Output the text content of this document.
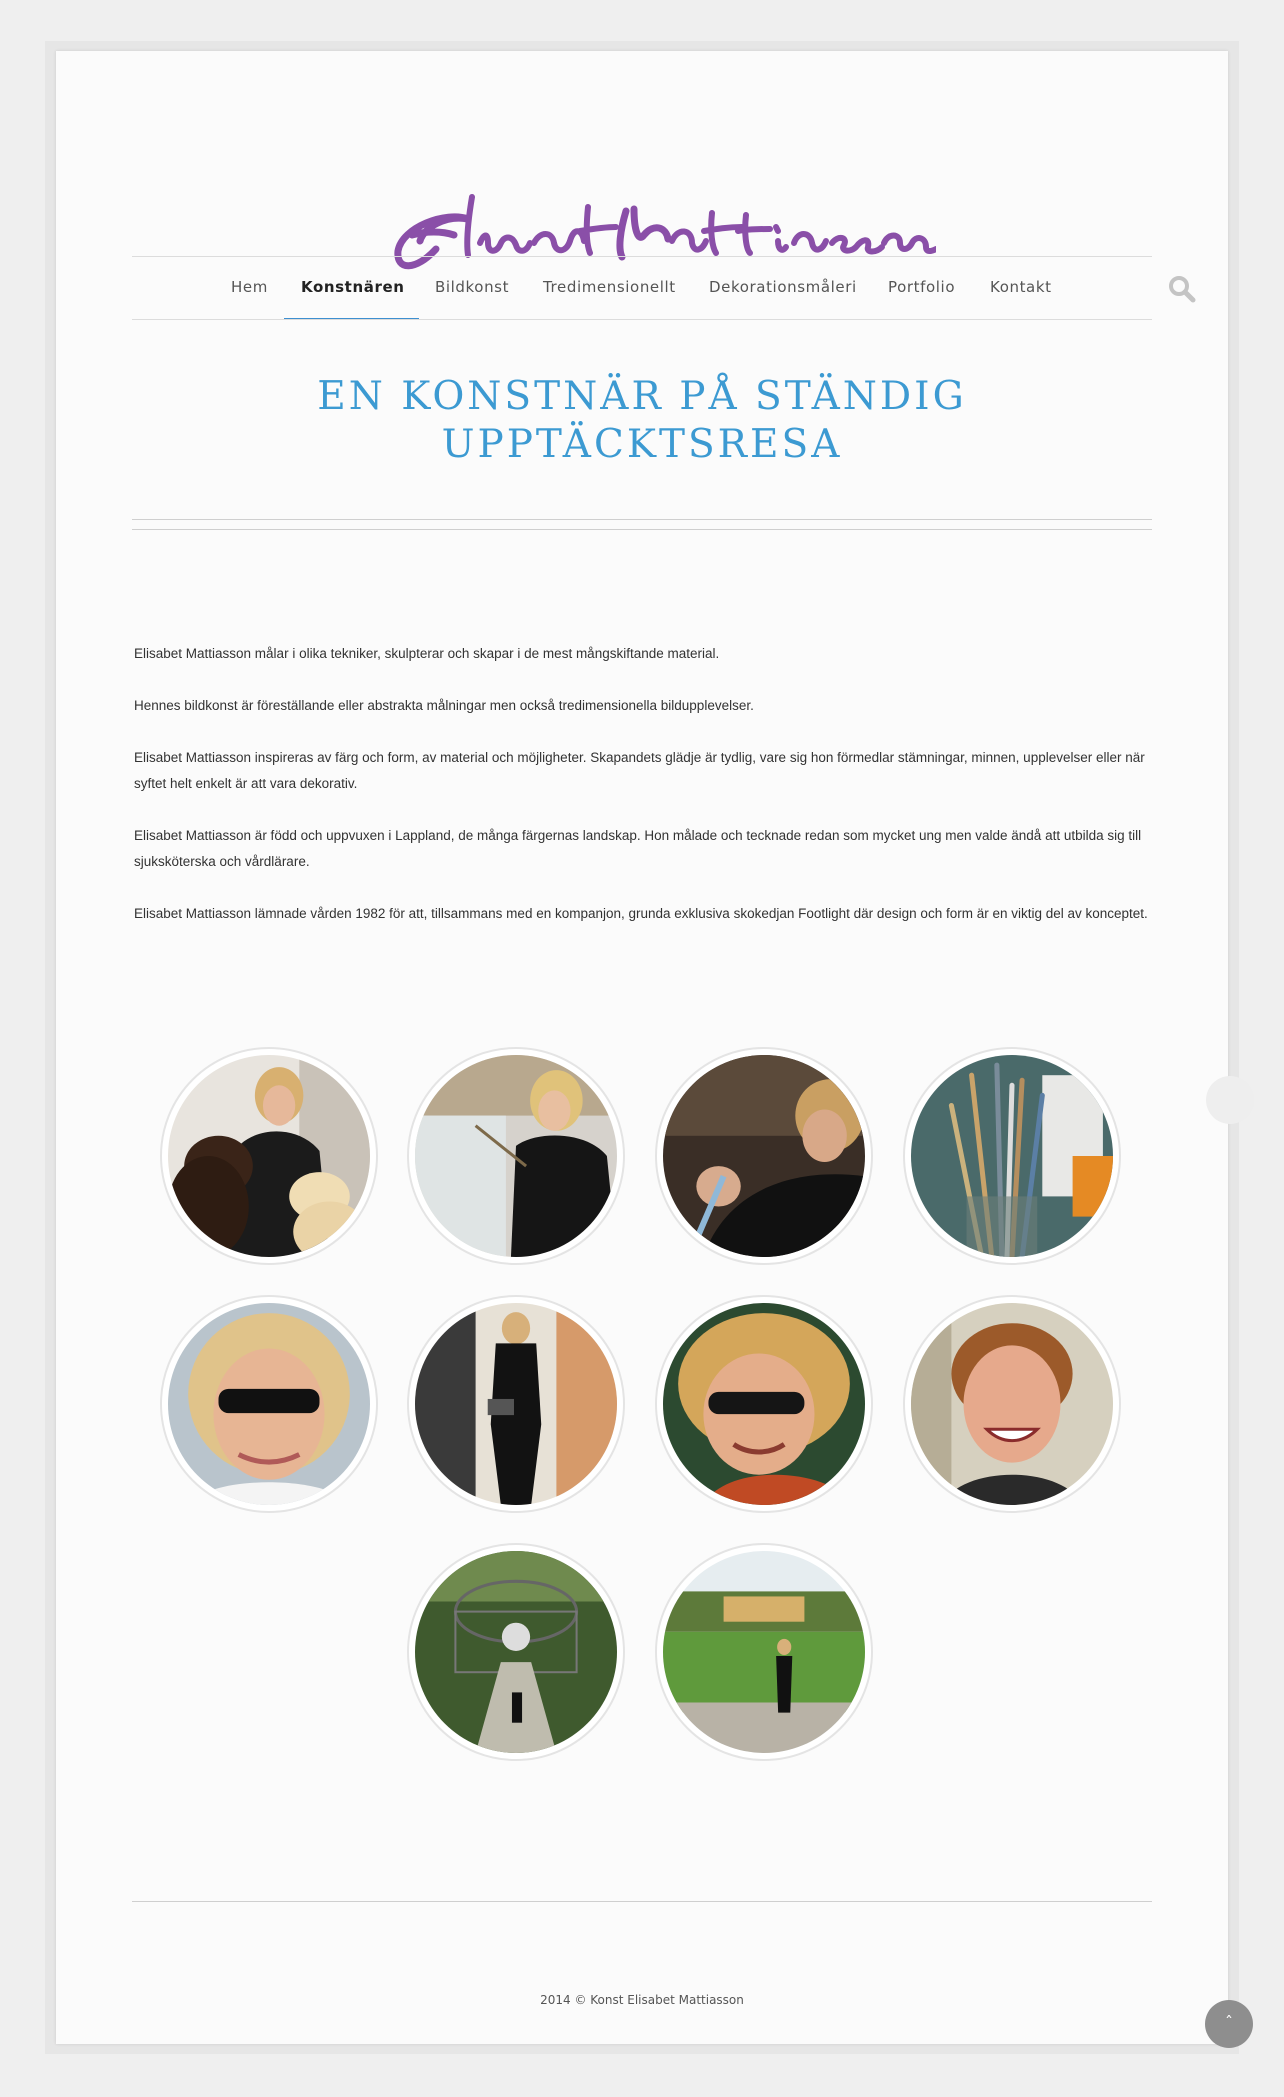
Hem Konstnären Bildkonst Tredimensionellt Dekorationsmåleri Portfolio Kontakt
EN KONSTNÄR PÅ STÄNDIG
UPPTÄCKTSRESA

Elisabet Mattiasson målar i olika tekniker, skulpterar och skapar i de mest mångskiftande material.

Hennes bildkonst är föreställande eller abstrakta målningar men också tredimensionella bildupplevelser.

Elisabet Mattiasson inspireras av färg och form, av material och möjligheter. Skapandets glädje är tydlig, vare sig hon förmedlar stämningar, minnen, upplevelser eller när syftet helt enkelt är att vara dekorativ.

Elisabet Mattiasson är född och uppvuxen i Lappland, de många färgernas landskap. Hon målade och tecknade redan som mycket ung men valde ändå att utbilda sig till sjuksköterska och vårdlärare.

Elisabet Mattiasson lämnade vården 1982 för att, tillsammans med en kompanjon, grunda exklusiva skokedjan Footlight där design och form är en viktig del av konceptet.

2014 © Konst Elisabet Mattiasson
ˆ
